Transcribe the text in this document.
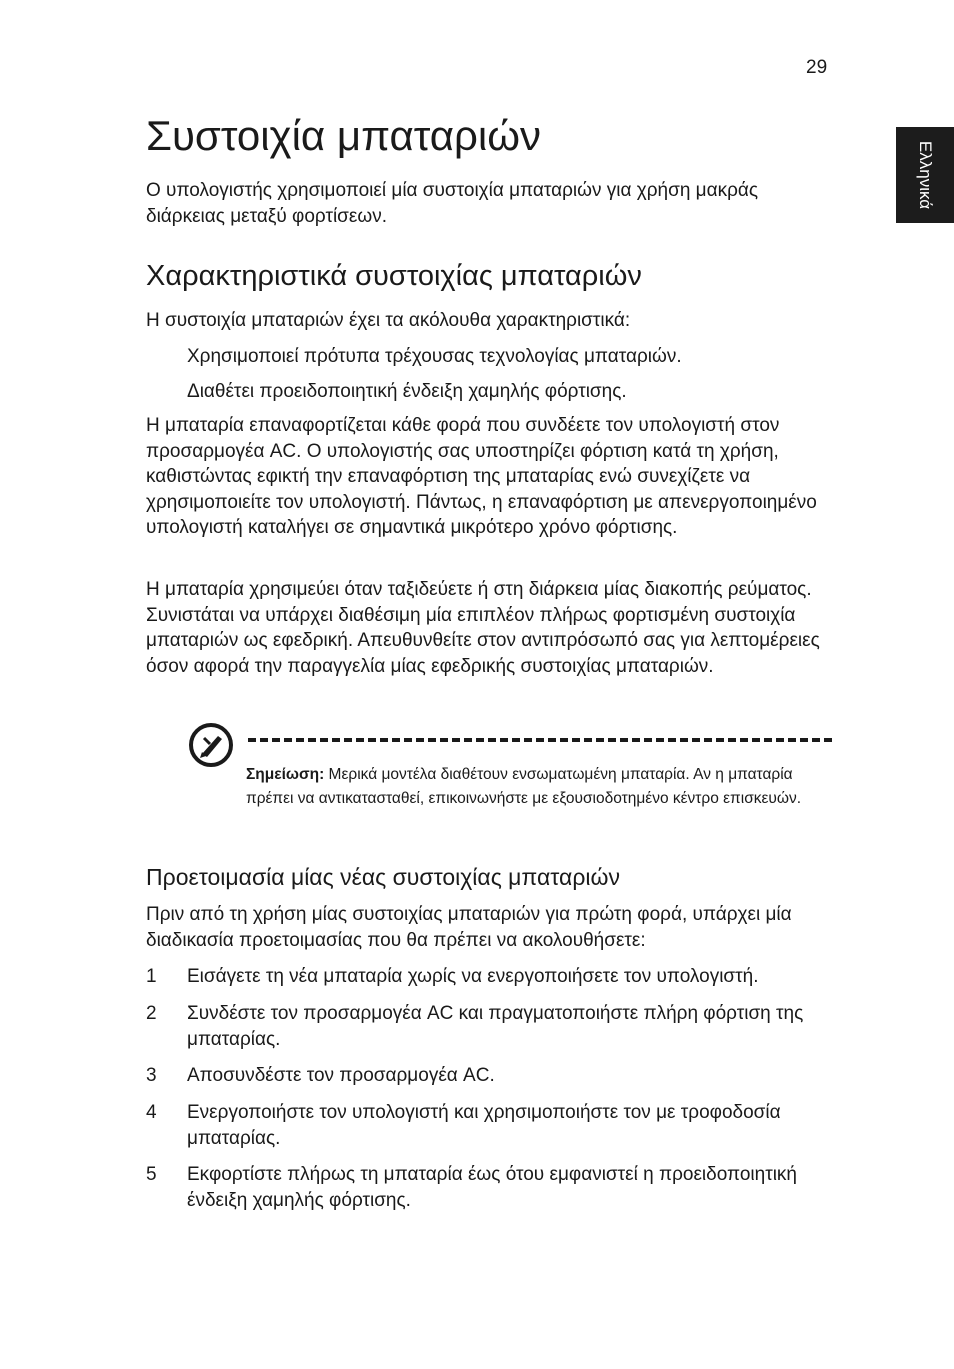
29
Ελληνικά
Συστοιχία μπαταριών

Ο υπολογιστής χρησιμοποιεί μία συστοιχία μπαταριών για χρήση μακράς διάρκειας μεταξύ φορτίσεων.

Χαρακτηριστικά συστοιχίας μπαταριών

Η συστοιχία μπαταριών έχει τα ακόλουθα χαρακτηριστικά:

Χρησιμοποιεί πρότυπα τρέχουσας τεχνολογίας μπαταριών.

Διαθέτει προειδοποιητική ένδειξη χαμηλής φόρτισης.

Η μπαταρία επαναφορτίζεται κάθε φορά που συνδέετε τον υπολογιστή στον προσαρμογέα AC. Ο υπολογιστής σας υποστηρίζει φόρτιση κατά τη χρήση, καθιστώντας εφικτή την επαναφόρτιση της μπαταρίας ενώ συνεχίζετε να χρησιμοποιείτε τον υπολογιστή. Πάντως, η επαναφόρτιση με απενεργοποιημένο υπολογιστή καταλήγει σε σημαντικά μικρότερο χρόνο φόρτισης.

Η μπαταρία χρησιμεύει όταν ταξιδεύετε ή στη διάρκεια μίας διακοπής ρεύματος. Συνιστάται να υπάρχει διαθέσιμη μία επιπλέον πλήρως φορτισμένη συστοιχία μπαταριών ως εφεδρική. Απευθυνθείτε στον αντιπρόσωπό σας για λεπτομέρειες όσον αφορά την παραγγελία μίας εφεδρικής συστοιχίας μπαταριών.

Σημείωση: Μερικά μοντέλα διαθέτουν ενσωματωμένη μπαταρία. Αν η μπαταρία πρέπει να αντικατασταθεί, επικοινωνήστε με εξουσιοδοτημένο κέντρο επισκευών.

Προετοιμασία μίας νέας συστοιχίας μπαταριών

Πριν από τη χρήση μίας συστοιχίας μπαταριών για πρώτη φορά, υπάρχει μία διαδικασία προετοιμασίας που θα πρέπει να ακολουθήσετε:

1 Εισάγετε τη νέα μπαταρία χωρίς να ενεργοποιήσετε τον υπολογιστή.
2 Συνδέστε τον προσαρμογέα AC και πραγματοποιήστε πλήρη φόρτιση της μπαταρίας.
3 Αποσυνδέστε τον προσαρμογέα AC.
4 Ενεργοποιήστε τον υπολογιστή και χρησιμοποιήστε τον με τροφοδοσία μπαταρίας.
5 Εκφορτίστε πλήρως τη μπαταρία έως ότου εμφανιστεί η προειδοποιητική ένδειξη χαμηλής φόρτισης.
